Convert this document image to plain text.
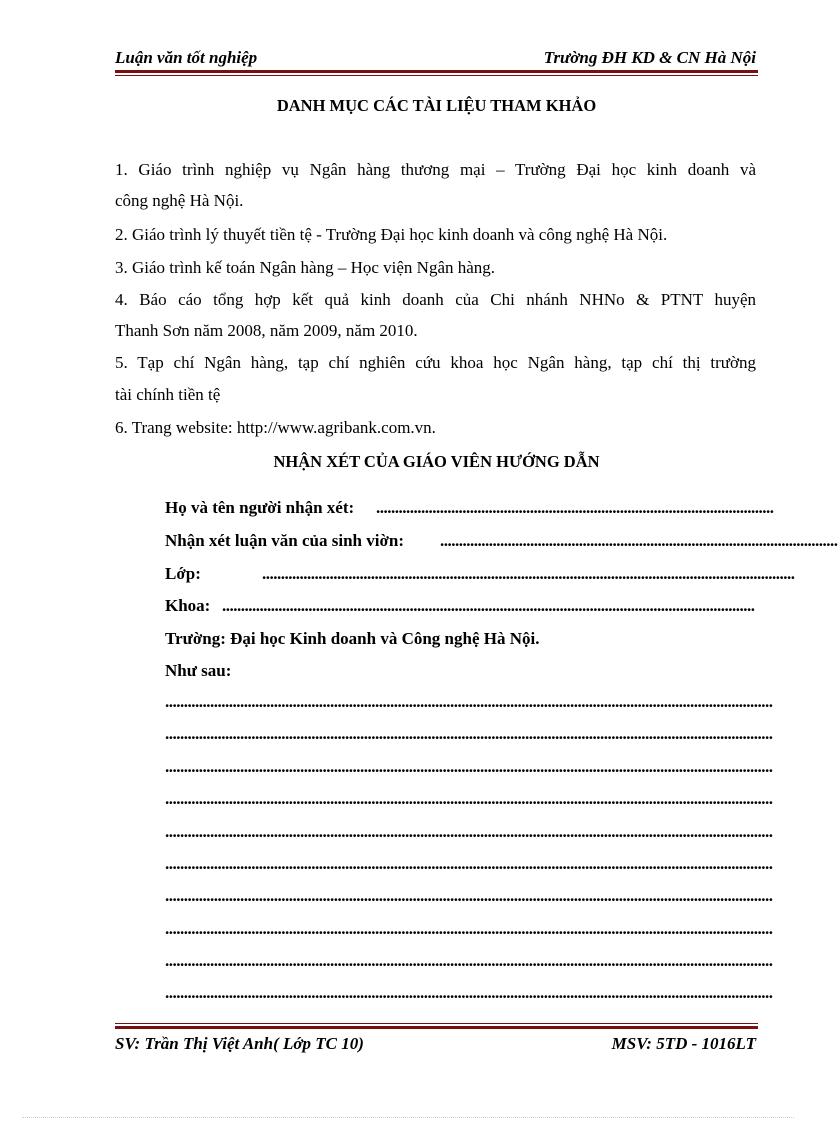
Luận văn tốt nghiệp	Trường ĐH KD & CN Hà Nội
DANH MỤC CÁC TÀI LIỆU THAM KHẢO
1. Giáo trình nghiệp vụ Ngân hàng thương mại – Trường Đại học kinh doanh và
công nghệ Hà Nội.
2. Giáo trình lý thuyết tiền tệ - Trường Đại học kinh doanh và công nghệ Hà Nội.
3. Giáo trình kế toán Ngân hàng – Học viện Ngân hàng.
4. Báo cáo tổng hợp kết quả kinh doanh của Chi nhánh NHNo & PTNT huyện
Thanh Sơn năm 2008, năm 2009, năm 2010.
5. Tạp chí Ngân hàng, tạp chí nghiên cứu khoa học Ngân hàng, tạp chí thị trường
tài chính tiền tệ
6. Trang website: http://www.agribank.com.vn.
NHẬN XÉT CỦA GIÁO VIÊN HƯỚNG DẪN
Họ và tên người nhận xét: ..........................................................................................................
Nhận xét luận văn của sinh viờn: ..........................................................................................................
Lớp:	..............................................................................................................................................
Khoa: ..............................................................................................................................................
Trường: Đại học Kinh doanh và Công nghệ Hà Nội.
Như sau:
..................................................................................................................................................................
..................................................................................................................................................................
..................................................................................................................................................................
..................................................................................................................................................................
..................................................................................................................................................................
..................................................................................................................................................................
..................................................................................................................................................................
..................................................................................................................................................................
..................................................................................................................................................................
..................................................................................................................................................................
SV: Trần Thị Việt Anh( Lớp TC 10)	MSV: 5TD - 1016LT
